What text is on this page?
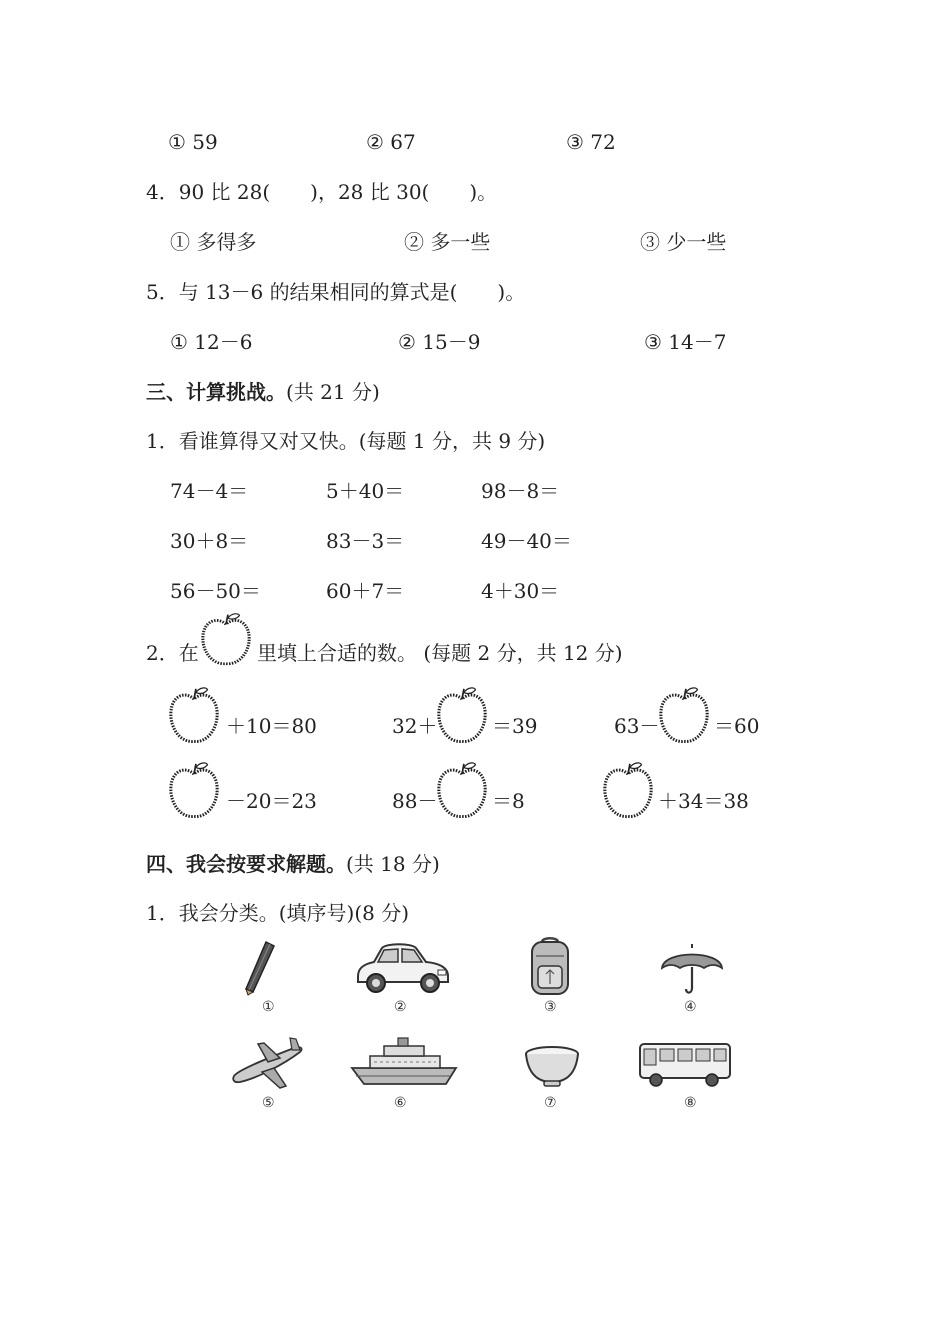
① 59	② 67	③ 72
4．90 比 28(　　)，28 比 30(　　)。
① 多得多	② 多一些	③ 少一些
5．与 13－6 的结果相同的算式是(　　)。
① 12－6	② 15－9	③ 14－7
三、计算挑战。(共 21 分)
1．看谁算得又对又快。(每题 1 分，共 9 分)
74－4＝	5＋40＝	98－8＝
30＋8＝	83－3＝	49－40＝
56－50＝	60＋7＝	4＋30＝
2．在	里填上合适的数。 (每题 2 分，共 12 分)
＋10＝80	32＋	＝39	63－	＝60
－20＝23	88－	＝8	＋34＝38
四、我会按要求解题。(共 18 分)
1．我会分类。(填序号)(8 分)
①	②	③	④
⑤	⑥	⑦	⑧
